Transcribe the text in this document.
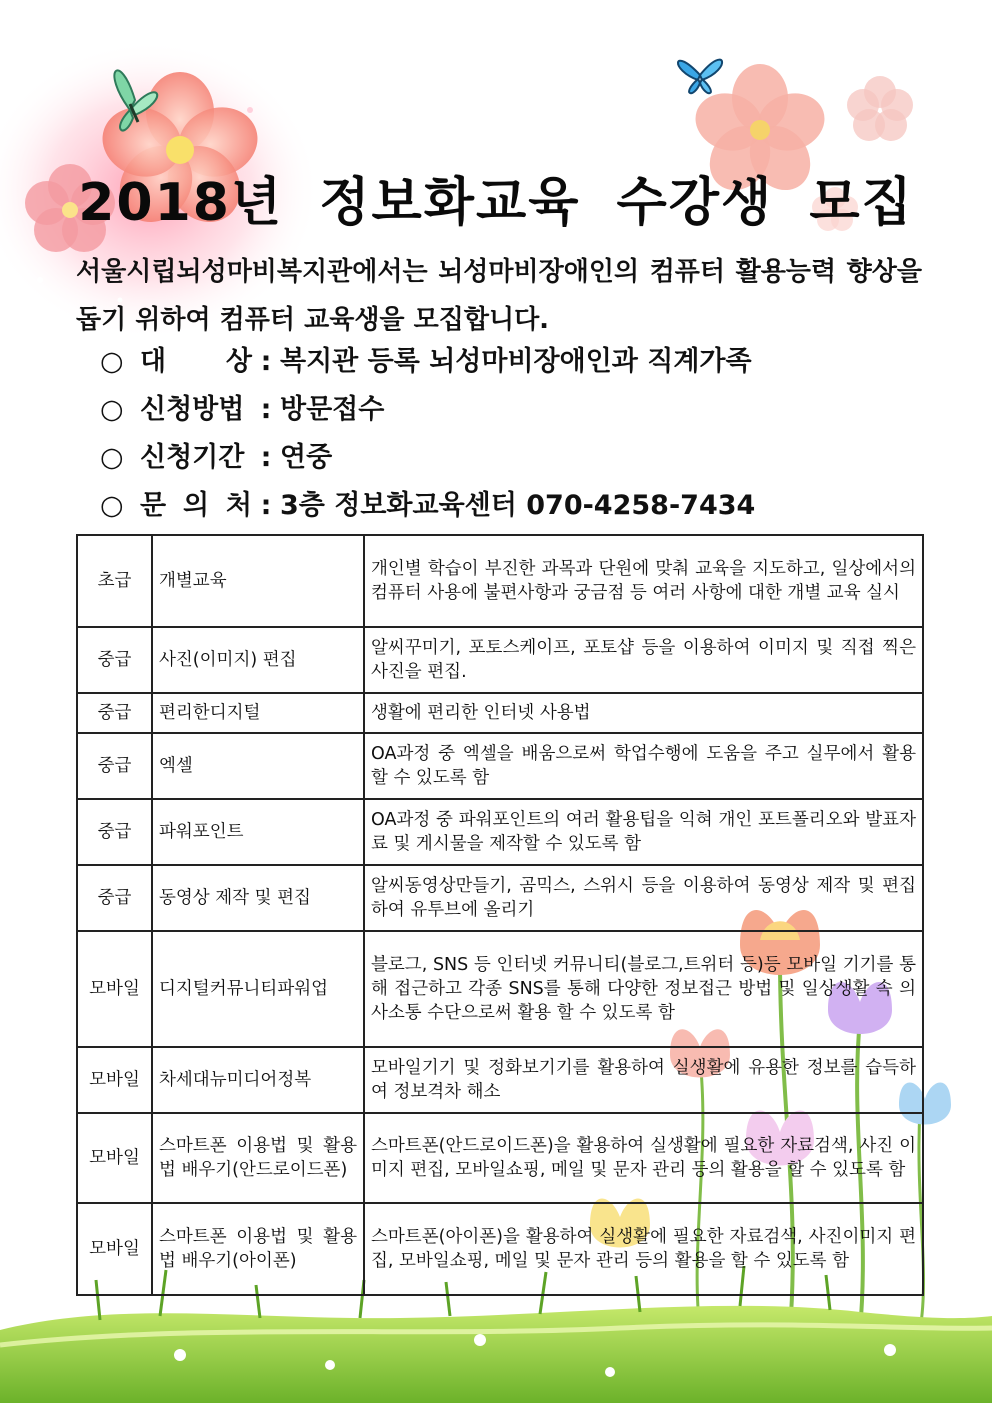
2018년 정보화교육 수강생 모집
서울시립뇌성마비복지관에서는 뇌성마비장애인의 컴퓨터 활용능력 향상을 돕기 위하여 컴퓨터 교육생을 모집합니다.
○ 대 상 : 복지관 등록 뇌성마비장애인과 직계가족
○ 신청방법 : 방문접수
○ 신청기간 : 연중
○ 문 의 처 : 3층 정보화교육센터 070-4258-7434
초급	개별교육	개인별 학습이 부진한 과목과 단원에 맞춰 교육을 지도하고, 일상에서의 컴퓨터 사용에 불편사항과 궁금점 등 여러 사항에 대한 개별 교육 실시
중급	사진(이미지) 편집	알씨꾸미기, 포토스케이프, 포토샵 등을 이용하여 이미지 및 직접 찍은 사진을 편집.
중급	편리한디지털	생활에 편리한 인터넷 사용법
중급	엑셀	OA과정 중 엑셀을 배움으로써 학업수행에 도움을 주고 실무에서 활용 할 수 있도록 함
중급	파워포인트	OA과정 중 파워포인트의 여러 활용팁을 익혀 개인 포트폴리오와 발표자료 및 게시물을 제작할 수 있도록 함
중급	동영상 제작 및 편집	알씨동영상만들기, 곰믹스, 스위시 등을 이용하여 동영상 제작 및 편집하여 유투브에 올리기
모바일	디지털커뮤니티파워업	블로그, SNS 등 인터넷 커뮤니티(블로그,트위터 등)등 모바일 기기를 통해 접근하고 각종 SNS를 통해 다양한 정보접근 방법 및 일상생활 속 의사소통 수단으로써 활용 할 수 있도록 함
모바일	차세대뉴미디어정복	모바일기기 및 정화보기기를 활용하여 실생활에 유용한 정보를 습득하여 정보격차 해소
모바일	스마트폰 이용법 및 활용법 배우기(안드로이드폰)	스마트폰(안드로이드폰)을 활용하여 실생활에 필요한 자료검색, 사진 이미지 편집, 모바일쇼핑, 메일 및 문자 관리 등의 활용을 할 수 있도록 함
모바일	스마트폰 이용법 및 활용법 배우기(아이폰)	스마트폰(아이폰)을 활용하여 실생활에 필요한 자료검색, 사진이미지 편집, 모바일쇼핑, 메일 및 문자 관리 등의 활용을 할 수 있도록 함
